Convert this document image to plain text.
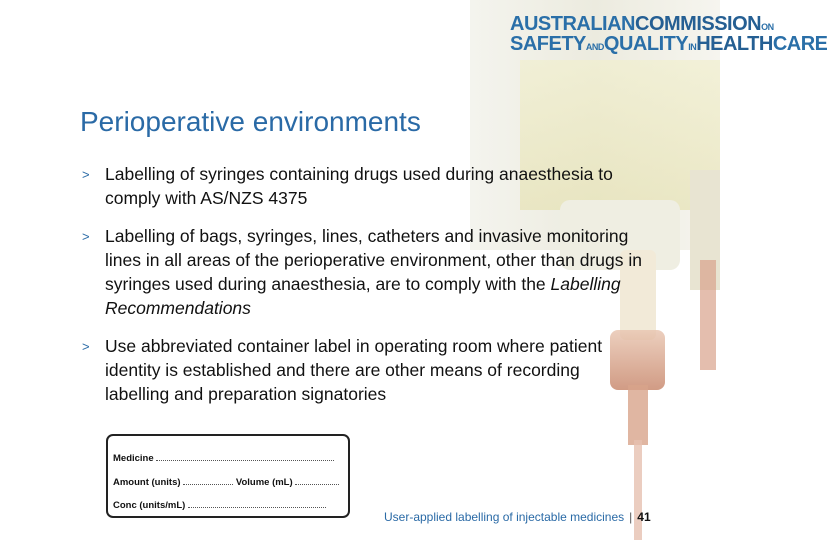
AUSTRALIANCOMMISSIONON
SAFETYANDQUALITYINHEALTHCARE
Perioperative environments
> Labelling of syringes containing drugs used during anaesthesia to comply with AS/NZS 4375
> Labelling of bags, syringes, lines, catheters and invasive monitoring lines in all areas of the perioperative environment, other than drugs in syringes used during anaesthesia, are to comply with the Labelling Recommendations
> Use abbreviated container label in operating room where patient identity is established and there are other means of recording labelling and preparation signatories
Medicine
Amount (units)	Volume (mL)
Conc (units/mL)
User-applied labelling of injectable medicines | 41
